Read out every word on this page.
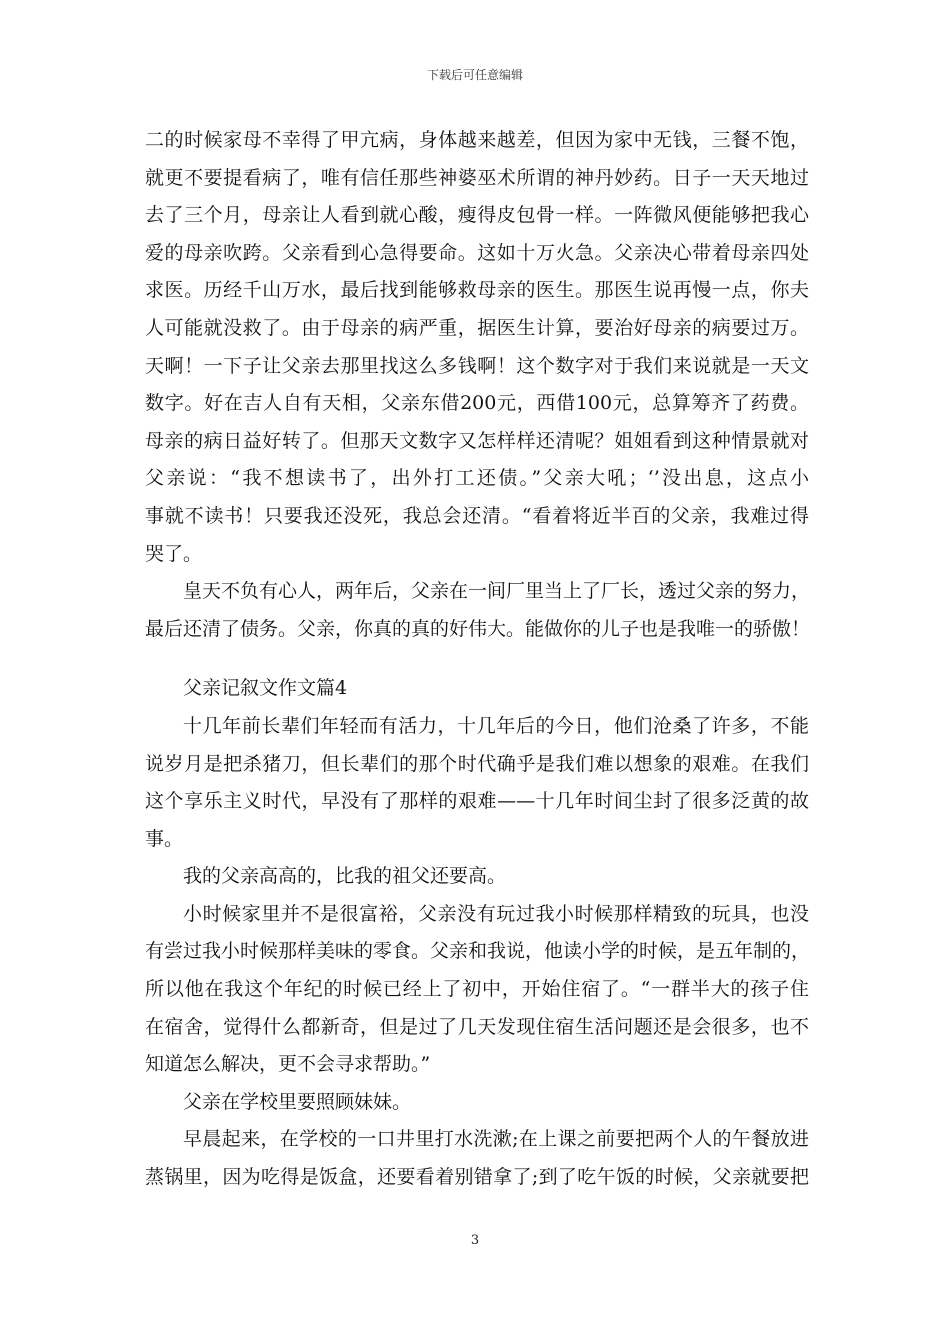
下载后可任意编辑
二的时候家母不幸得了甲亢病，身体越来越差，但因为家中无钱，三餐不饱，
就更不要提看病了，唯有信任那些神婆巫术所谓的神丹妙药。日子一天天地过
去了三个月，母亲让人看到就心酸，瘦得皮包骨一样。一阵微风便能够把我心
爱的母亲吹跨。父亲看到心急得要命。这如十万火急。父亲决心带着母亲四处
求医。历经千山万水，最后找到能够救母亲的医生。那医生说再慢一点，你夫
人可能就没救了。由于母亲的病严重，据医生计算，要治好母亲的病要过万。
天啊！一下子让父亲去那里找这么多钱啊！这个数字对于我们来说就是一天文
数字。好在吉人自有天相，父亲东借200元，西借100元，总算筹齐了药费。
母亲的病日益好转了。但那天文数字又怎样样还清呢？姐姐看到这种情景就对
父亲说：“我不想读书了，出外打工还债。”父亲大吼；‘’没出息，这点小
事就不读书！只要我还没死，我总会还清。“看着将近半百的父亲，我难过得
哭了。
皇天不负有心人，两年后，父亲在一间厂里当上了厂长，透过父亲的努力，
最后还清了债务。父亲，你真的真的好伟大。能做你的儿子也是我唯一的骄傲！
父亲记叙文作文篇4
十几年前长辈们年轻而有活力，十几年后的今日，他们沧桑了许多，不能
说岁月是把杀猪刀，但长辈们的那个时代确乎是我们难以想象的艰难。在我们
这个享乐主义时代，早没有了那样的艰难——十几年时间尘封了很多泛黄的故
事。
我的父亲高高的，比我的祖父还要高。
小时候家里并不是很富裕，父亲没有玩过我小时候那样精致的玩具，也没
有尝过我小时候那样美味的零食。父亲和我说，他读小学的时候，是五年制的，
所以他在我这个年纪的时候已经上了初中，开始住宿了。“一群半大的孩子住
在宿舍，觉得什么都新奇，但是过了几天发现住宿生活问题还是会很多，也不
知道怎么解决，更不会寻求帮助。”
父亲在学校里要照顾妹妹。
早晨起来，在学校的一口井里打水洗漱;在上课之前要把两个人的午餐放进
蒸锅里，因为吃得是饭盒，还要看着别错拿了;到了吃午饭的时候，父亲就要把
3
